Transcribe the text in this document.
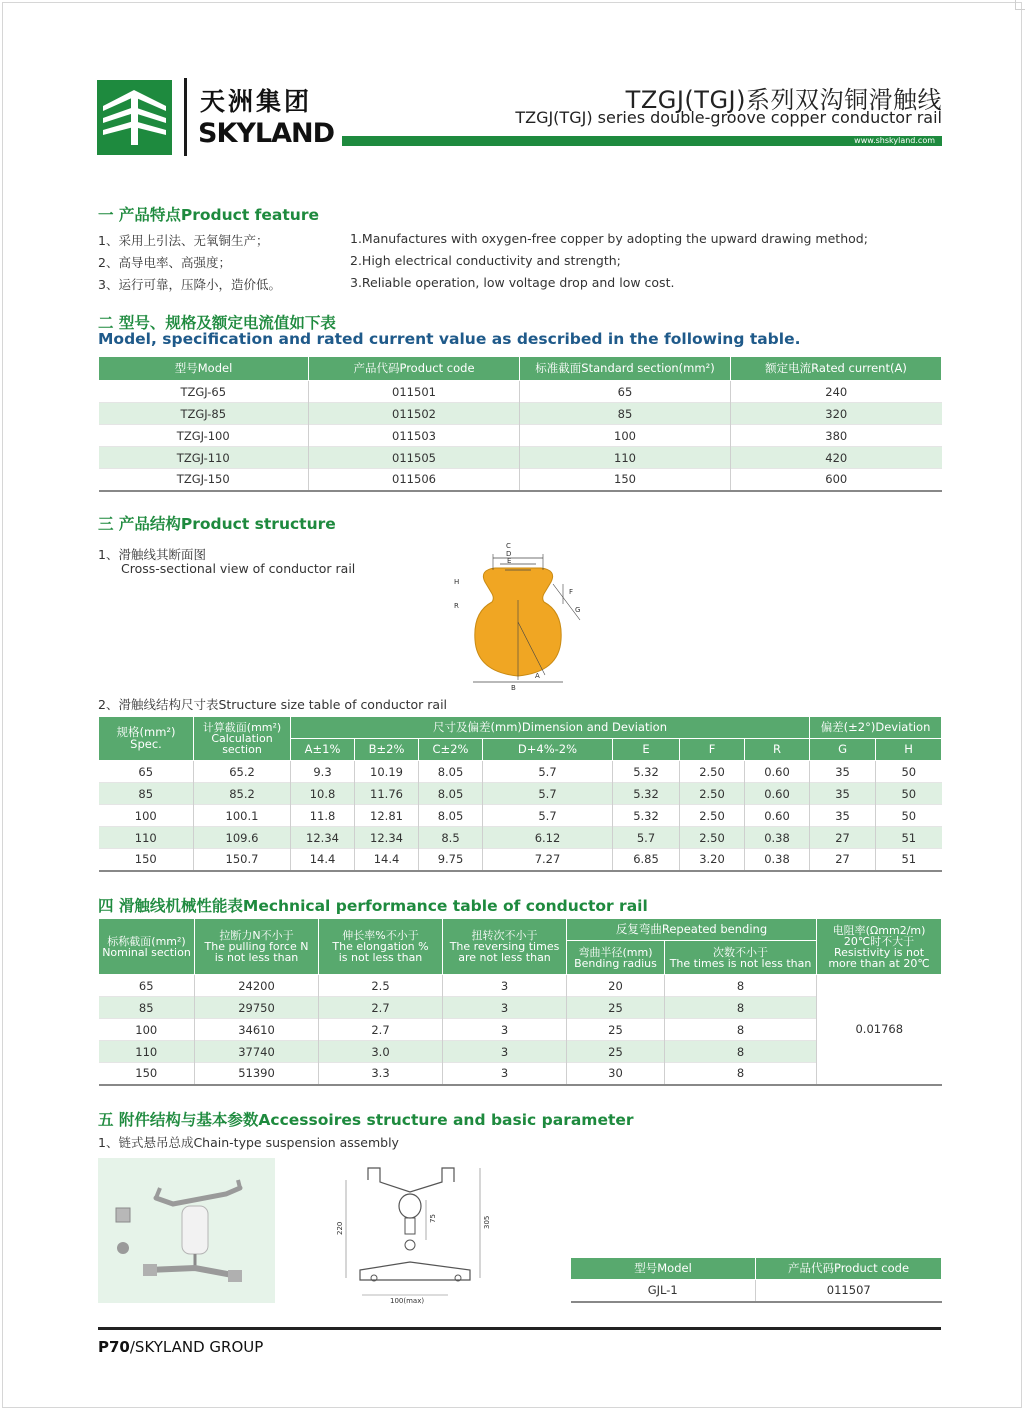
天洲集团
SKYLAND
TZGJ(TGJ)系列双沟铜滑触线
TZGJ(TGJ) series double-groove copper conductor rail
www.shskyland.com
一 产品特点Product feature
1、采用上引法、无氧铜生产；
2、高导电率、高强度；
3、运行可靠，压降小，造价低。
1.Manufactures with oxygen-free copper by adopting the upward drawing method;
2.High electrical conductivity and strength;
3.Reliable operation, low voltage drop and low cost.
二 型号、规格及额定电流值如下表
Model, specification and rated current value as described in the following table.
型号Model	产品代码Product code	标准截面Standard section(mm²)	额定电流Rated current(A)
TZGJ-65	011501	65	240
TZGJ-85	011502	85	320
TZGJ-100	011503	100	380
TZGJ-110	011505	110	420
TZGJ-150	011506	150	600
三 产品结构Product structure
1、滑触线其断面图
Cross-sectional view of conductor rail
C
D
E
H
R
F
G
A
B
2、滑触线结构尺寸表Structure size table of conductor rail
规格(mm²)
Spec.	计算截面(mm²)
Calculation
section	尺寸及偏差(mm)Dimension and Deviation							偏差(±2°)Deviation	
		A±1%	B±2%	C±2%	D+4%-2%	E	F	R	G	H
65	65.2	9.3	10.19	8.05	5.7	5.32	2.50	0.60	35	50
85	85.2	10.8	11.76	8.05	5.7	5.32	2.50	0.60	35	50
100	100.1	11.8	12.81	8.05	5.7	5.32	2.50	0.60	35	50
110	109.6	12.34	12.34	8.5	6.12	5.7	2.50	0.38	27	51
150	150.7	14.4	14.4	9.75	7.27	6.85	3.20	0.38	27	51
四 滑触线机械性能表Mechnical performance table of conductor rail
标称截面(mm²)
Nominal section	拉断力N不小于
The pulling force N
is not less than	伸长率%不小于
The elongation %
is not less than	扭转次不小于
The reversing times
are not less than	反复弯曲Repeated bending		电阻率(Ωmm2/m)
20℃时不大于
Resistivity is not
more than at 20℃
				弯曲半径(mm)
Bending radius	次数不小于
The times is not less than	
65	24200	2.5	3	20	8	0.01768
85	29750	2.7	3	25	8	
100	34610	2.7	3	25	8	
110	37740	3.0	3	25	8	
150	51390	3.3	3	30	8	
五 附件结构与基本参数Accessoires structure and basic parameter
1、链式悬吊总成Chain-type suspension assembly
220	305
75
100(max)
型号Model	产品代码Product code
GJL-1	011507
P70/SKYLAND GROUP
